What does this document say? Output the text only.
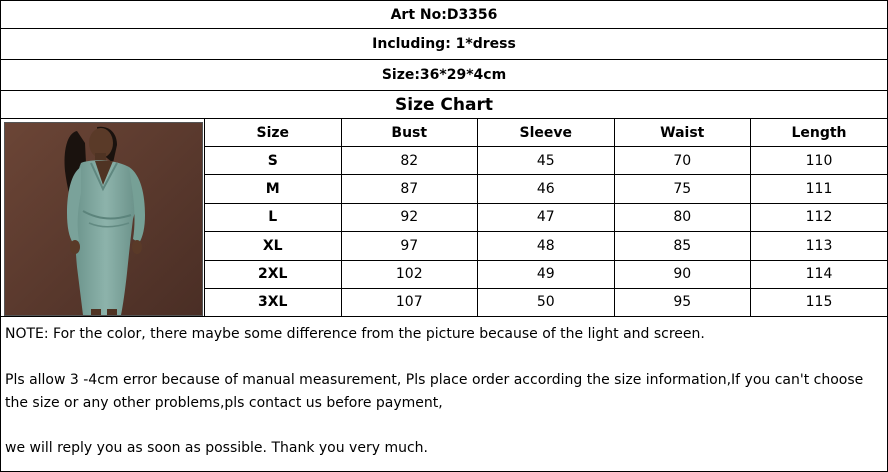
Art No:D3356
Including: 1*dress
Size:36*29*4cm
Size Chart
Size	Bust	Sleeve	Waist	Length
S	82	45	70	110
M	87	46	75	111
L	92	47	80	112
XL	97	48	85	113
2XL	102	49	90	114
3XL	107	50	95	115

NOTE: For the color, there maybe some difference from the picture because of the light and screen.

Pls allow 3 -4cm error because of manual measurement, Pls place order according the size information,If you can't choose the size or any other problems,pls contact us before payment,

we will reply you as soon as possible. Thank you very much.
